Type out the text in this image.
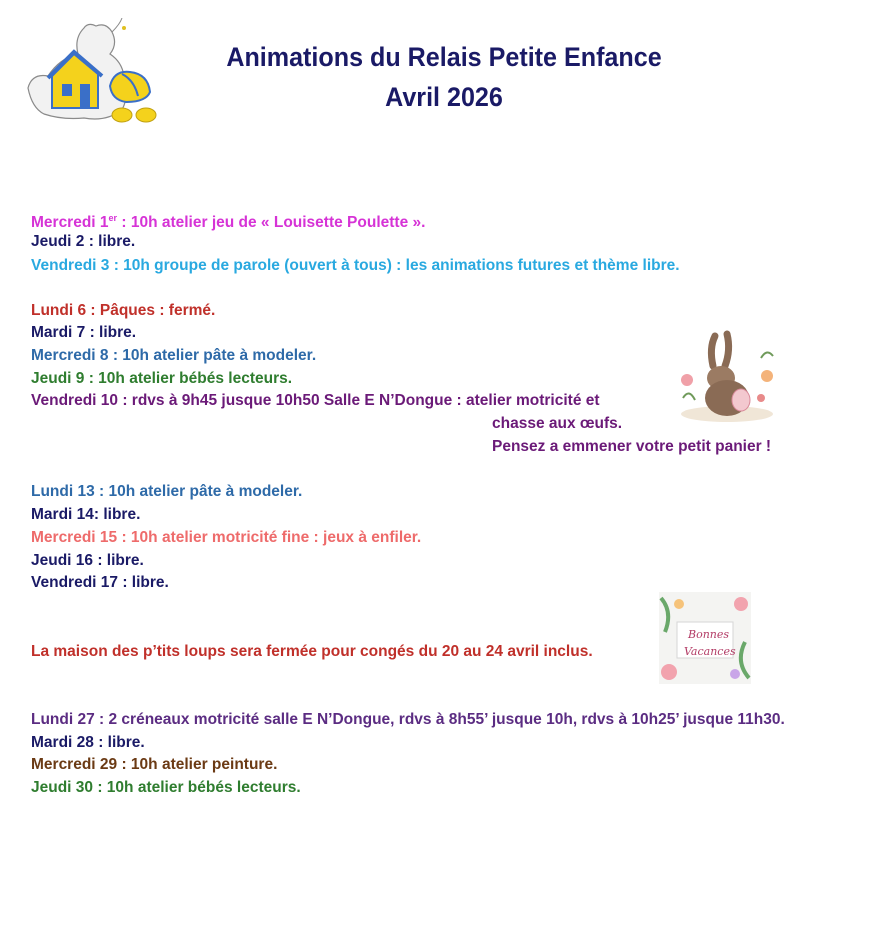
Animations du Relais Petite Enfance
Avril 2026
Bonnes
Vacances
Mercredi 1er : 10h atelier jeu de « Louisette Poulette ».
Jeudi 2 : libre.
Vendredi 3 : 10h groupe de parole (ouvert à tous) : les animations futures et thème libre.
Lundi 6 : Pâques : fermé.
Mardi 7 : libre.
Mercredi 8 : 10h atelier pâte à modeler.
Jeudi 9 : 10h atelier bébés lecteurs.
Vendredi 10 : rdvs à 9h45 jusque 10h50 Salle E N’Dongue : atelier motricité et
chasse aux œufs.
Pensez a emmener votre petit panier !
Lundi 13 : 10h atelier pâte à modeler.
Mardi 14: libre.
Mercredi 15 : 10h atelier motricité fine : jeux à enfiler.
Jeudi 16 : libre.
Vendredi 17 : libre.
La maison des p’tits loups sera fermée pour congés du 20 au 24 avril inclus.
Lundi 27 : 2 créneaux motricité salle E N’Dongue, rdvs à 8h55’ jusque 10h, rdvs à 10h25’ jusque 11h30.
Mardi 28 : libre.
Mercredi 29 : 10h atelier peinture.
Jeudi 30 : 10h atelier bébés lecteurs.
